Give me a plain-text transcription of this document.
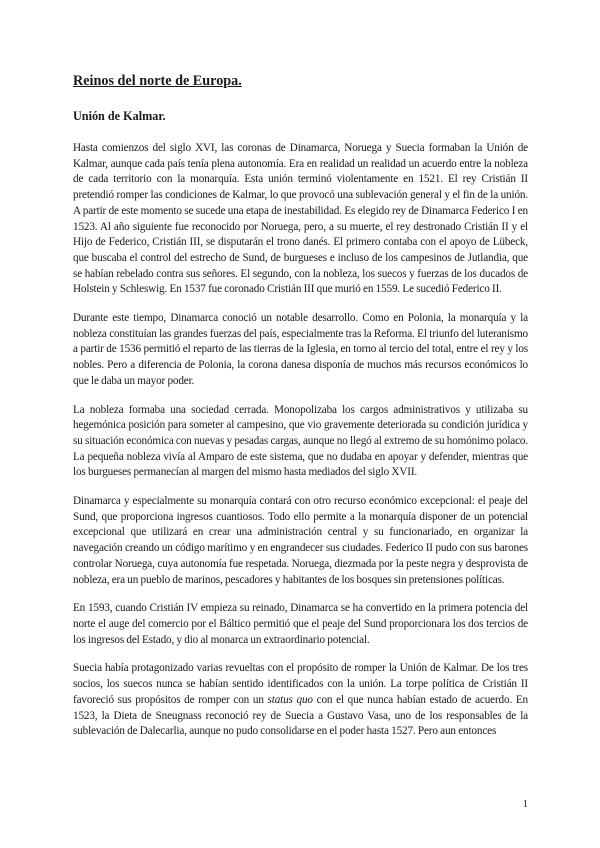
Reinos del norte de Europa.
Unión de Kalmar.

Hasta comienzos del siglo XVI, las coronas de Dinamarca, Noruega y Suecia formaban la Unión de Kalmar, aunque cada país tenía plena autonomía. Era en realidad un realidad un acuerdo entre la nobleza de cada territorio con la monarquía. Esta unión terminó violentamente en 1521. El rey Cristián II pretendió romper las condiciones de Kalmar, lo que provocó una sublevación general y el fin de la unión. A partir de este momento se sucede una etapa de inestabilidad. Es elegido rey de Dinamarca Federico I en 1523. Al año siguiente fue reconocido por Noruega, pero, a su muerte, el rey destronado Cristián II y el Hijo de Federico, Cristián III, se disputarán el trono danés. El primero contaba con el apoyo de Lübeck, que buscaba el control del estrecho de Sund, de burgueses e incluso de los campesinos de Jutlandia, que se habían rebelado contra sus señores. El segundo, con la nobleza, los suecos y fuerzas de los ducados de Holstein y Schleswig. En 1537 fue coronado Cristián III que murió en 1559. Le sucedió Federico II.

Durante este tiempo, Dinamarca conoció un notable desarrollo. Como en Polonia, la monarquía y la nobleza constituían las grandes fuerzas del país, especialmente tras la Reforma. El triunfo del luteranismo a partir de 1536 permitió el reparto de las tierras de la Iglesia, en torno al tercio del total, entre el rey y los nobles. Pero a diferencia de Polonia, la corona danesa disponía de muchos más recursos económicos lo que le daba un mayor poder.

La nobleza formaba una sociedad cerrada. Monopolizaba los cargos administrativos y utilizaba su hegemónica posición para someter al campesino, que vio gravemente deteriorada su condición jurídica y su situación económica con nuevas y pesadas cargas, aunque no llegó al extremo de su homónimo polaco. La pequeña nobleza vivía al Amparo de este sistema, que no dudaba en apoyar y defender, mientras que los burgueses permanecían al margen del mismo hasta mediados del siglo XVII.

Dinamarca y especialmente su monarquía contará con otro recurso económico excepcional: el peaje del Sund, que proporciona ingresos cuantiosos. Todo ello permite a la monarquía disponer de un potencial excepcional que utilizará en crear una administración central y su funcionariado, en organizar la navegación creando un código marítimo y en engrandecer sus ciudades. Federico II pudo con sus barones controlar Noruega, cuya autonomía fue respetada. Noruega, diezmada por la peste negra y desprovista de nobleza, era un pueblo de marinos, pescadores y habitantes de los bosques sin pretensiones políticas.

En 1593, cuando Cristián IV empieza su reinado, Dinamarca se ha convertido en la primera potencia del norte el auge del comercio por el Báltico permitió que el peaje del Sund proporcionara los dos tercios de los ingresos del Estado, y dio al monarca un extraordinario potencial.

Suecia había protagonizado varias revueltas con el propósito de romper la Unión de Kalmar. De los tres socios, los suecos nunca se habían sentido identificados con la unión. La torpe política de Cristián II favoreció sus propósitos de romper con un status quo con el que nunca habían estado de acuerdo. En 1523, la Dieta de Sneugnass reconoció rey de Suecia a Gustavo Vasa, uno de los responsables de la sublevación de Dalecarlia, aunque no pudo consolidarse en el poder hasta 1527. Pero aun entonces

1
